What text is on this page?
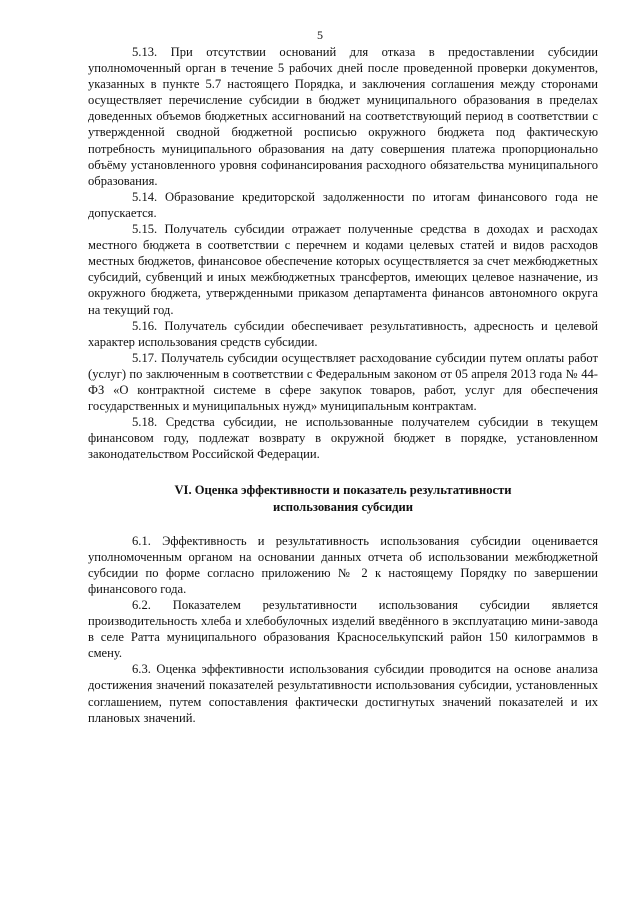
5

5.13. При отсутствии оснований для отказа в предоставлении субсидии уполномоченный орган в течение 5 рабочих дней после проведенной проверки документов, указанных в пункте 5.7 настоящего Порядка, и заключения соглашения между сторонами осуществляет перечисление субсидии в бюджет муниципального образования в пределах доведенных объемов бюджетных ассигнований на соответствующий период в соответствии с утвержденной сводной бюджетной росписью окружного бюджета под фактическую потребность муниципального образования на дату совершения платежа пропорционально объёму установленного уровня софинансирования расходного обязательства муниципального образования.

5.14. Образование кредиторской задолженности по итогам финансового года не допускается.

5.15. Получатель субсидии отражает полученные средства в доходах и расходах местного бюджета в соответствии с перечнем и кодами целевых статей и видов расходов местных бюджетов, финансовое обеспечение которых осуществляется за счет межбюджетных субсидий, субвенций и иных межбюджетных трансфертов, имеющих целевое назначение, из окружного бюджета, утвержденными приказом департамента финансов автономного округа на текущий год.

5.16. Получатель субсидии обеспечивает результативность, адресность и целевой характер использования средств субсидии.

5.17. Получатель субсидии осуществляет расходование субсидии путем оплаты работ (услуг) по заключенным в соответствии с Федеральным законом от 05 апреля 2013 года № 44-ФЗ «О контрактной системе в сфере закупок товаров, работ, услуг для обеспечения государственных и муниципальных нужд» муниципальным контрактам.

5.18. Средства субсидии, не использованные получателем субсидии в текущем финансовом году, подлежат возврату в окружной бюджет в порядке, установленном законодательством Российской Федерации.

VI. Оценка эффективности и показатель результативности
использования субсидии

6.1. Эффективность и результативность использования субсидии оценивается уполномоченным органом на основании данных отчета об использовании межбюджетной субсидии по форме согласно приложению № 2 к настоящему Порядку по завершении финансового года.

6.2. Показателем результативности использования субсидии является производительность хлеба и хлебобулочных изделий введённого в эксплуатацию мини-завода в селе Ратта муниципального образования Красноселькупский район 150 килограммов в смену.

6.3. Оценка эффективности использования субсидии проводится на основе анализа достижения значений показателей результативности использования субсидии, установленных соглашением, путем сопоставления фактически достигнутых значений показателей и их плановых значений.
